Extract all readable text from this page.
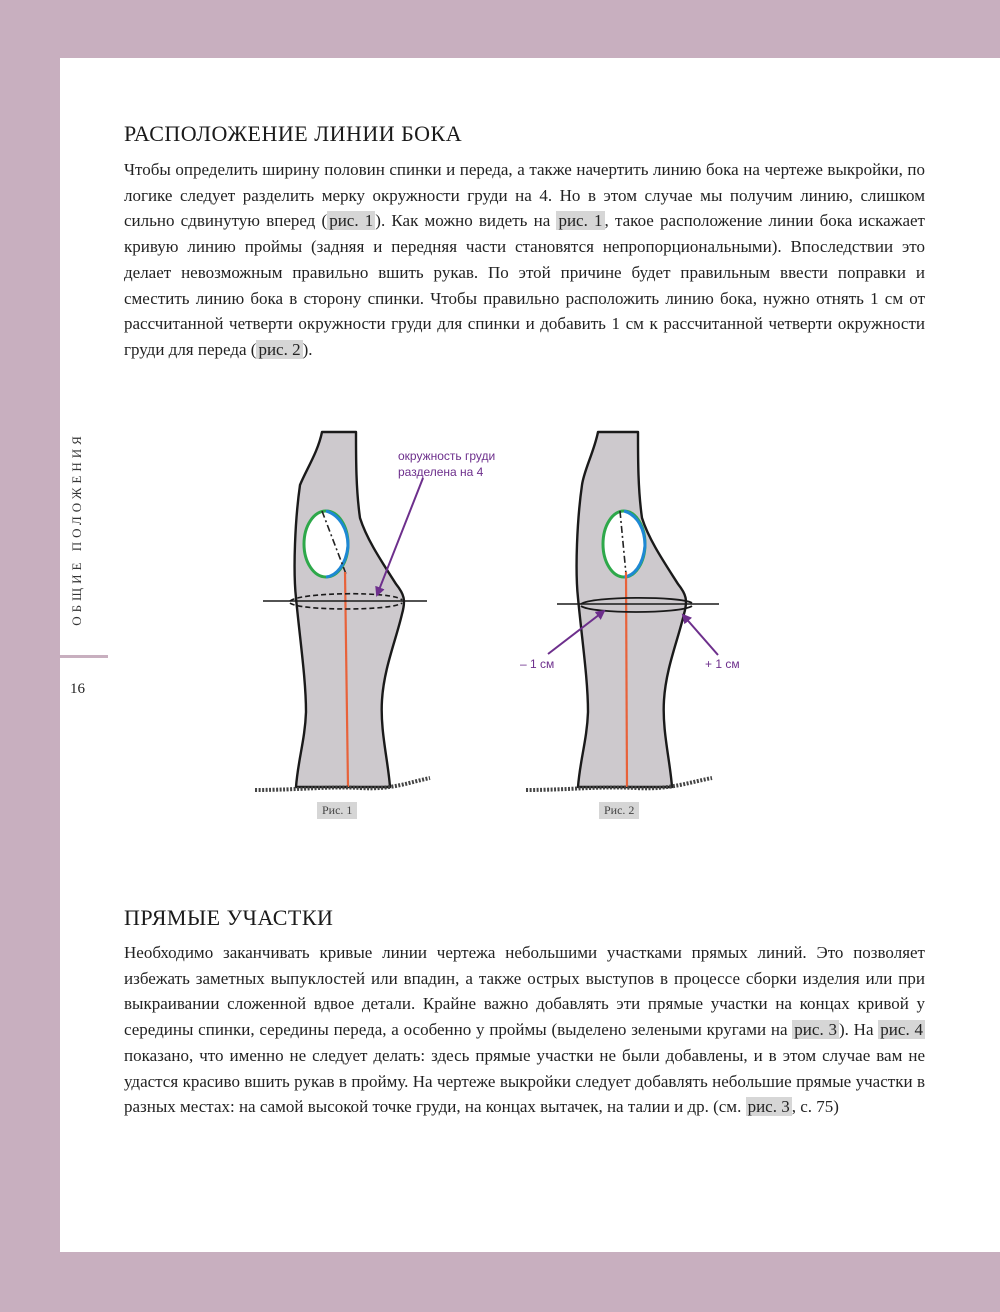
ОБЩИЕ ПОЛОЖЕНИЯ
16
РАСПОЛОЖЕНИЕ ЛИНИИ БОКА

Чтобы определить ширину половин спинки и переда, а также начертить линию бока на чертеже выкройки, по логике следует разделить мерку окружности груди на 4. Но в этом случае мы получим линию, слишком сильно сдвинутую вперед ( рис. 1 ). Как можно видеть на рис. 1 , такое расположение линии бока искажает кривую линию проймы (задняя и передняя части становятся непропорциональными). Впоследствии это делает невозможным правильно вшить рукав. По этой причине будет правильным ввести поправки и сместить линию бока в сторону спинки. Чтобы правильно расположить линию бока, нужно отнять 1 см от рассчитанной четверти окружности груди для спинки и добавить 1 см к рассчитанной четверти окружности груди для переда ( рис. 2 ).

окружность груди разделена на 4
– 1 см	+ 1 см
Рис. 1	Рис. 2
ПРЯМЫЕ УЧАСТКИ

Необходимо заканчивать кривые линии чертежа небольшими участками прямых линий. Это позволяет избежать заметных выпуклостей или впадин, а также острых выступов в процессе сборки изделия или при выкраивании сложенной вдвое детали. Крайне важно добавлять эти прямые участки на концах кривой у середины спинки, середины переда, а особенно у проймы (выделено зелеными кругами на рис. 3 ). На рис. 4 показано, что именно не следует делать: здесь прямые участки не были добавлены, и в этом случае вам не удастся красиво вшить рукав в пройму. На чертеже выкройки следует добавлять небольшие прямые участки в разных местах: на самой высокой точке груди, на концах вытачек, на талии и др. (см. рис. 3 , с. 75)
